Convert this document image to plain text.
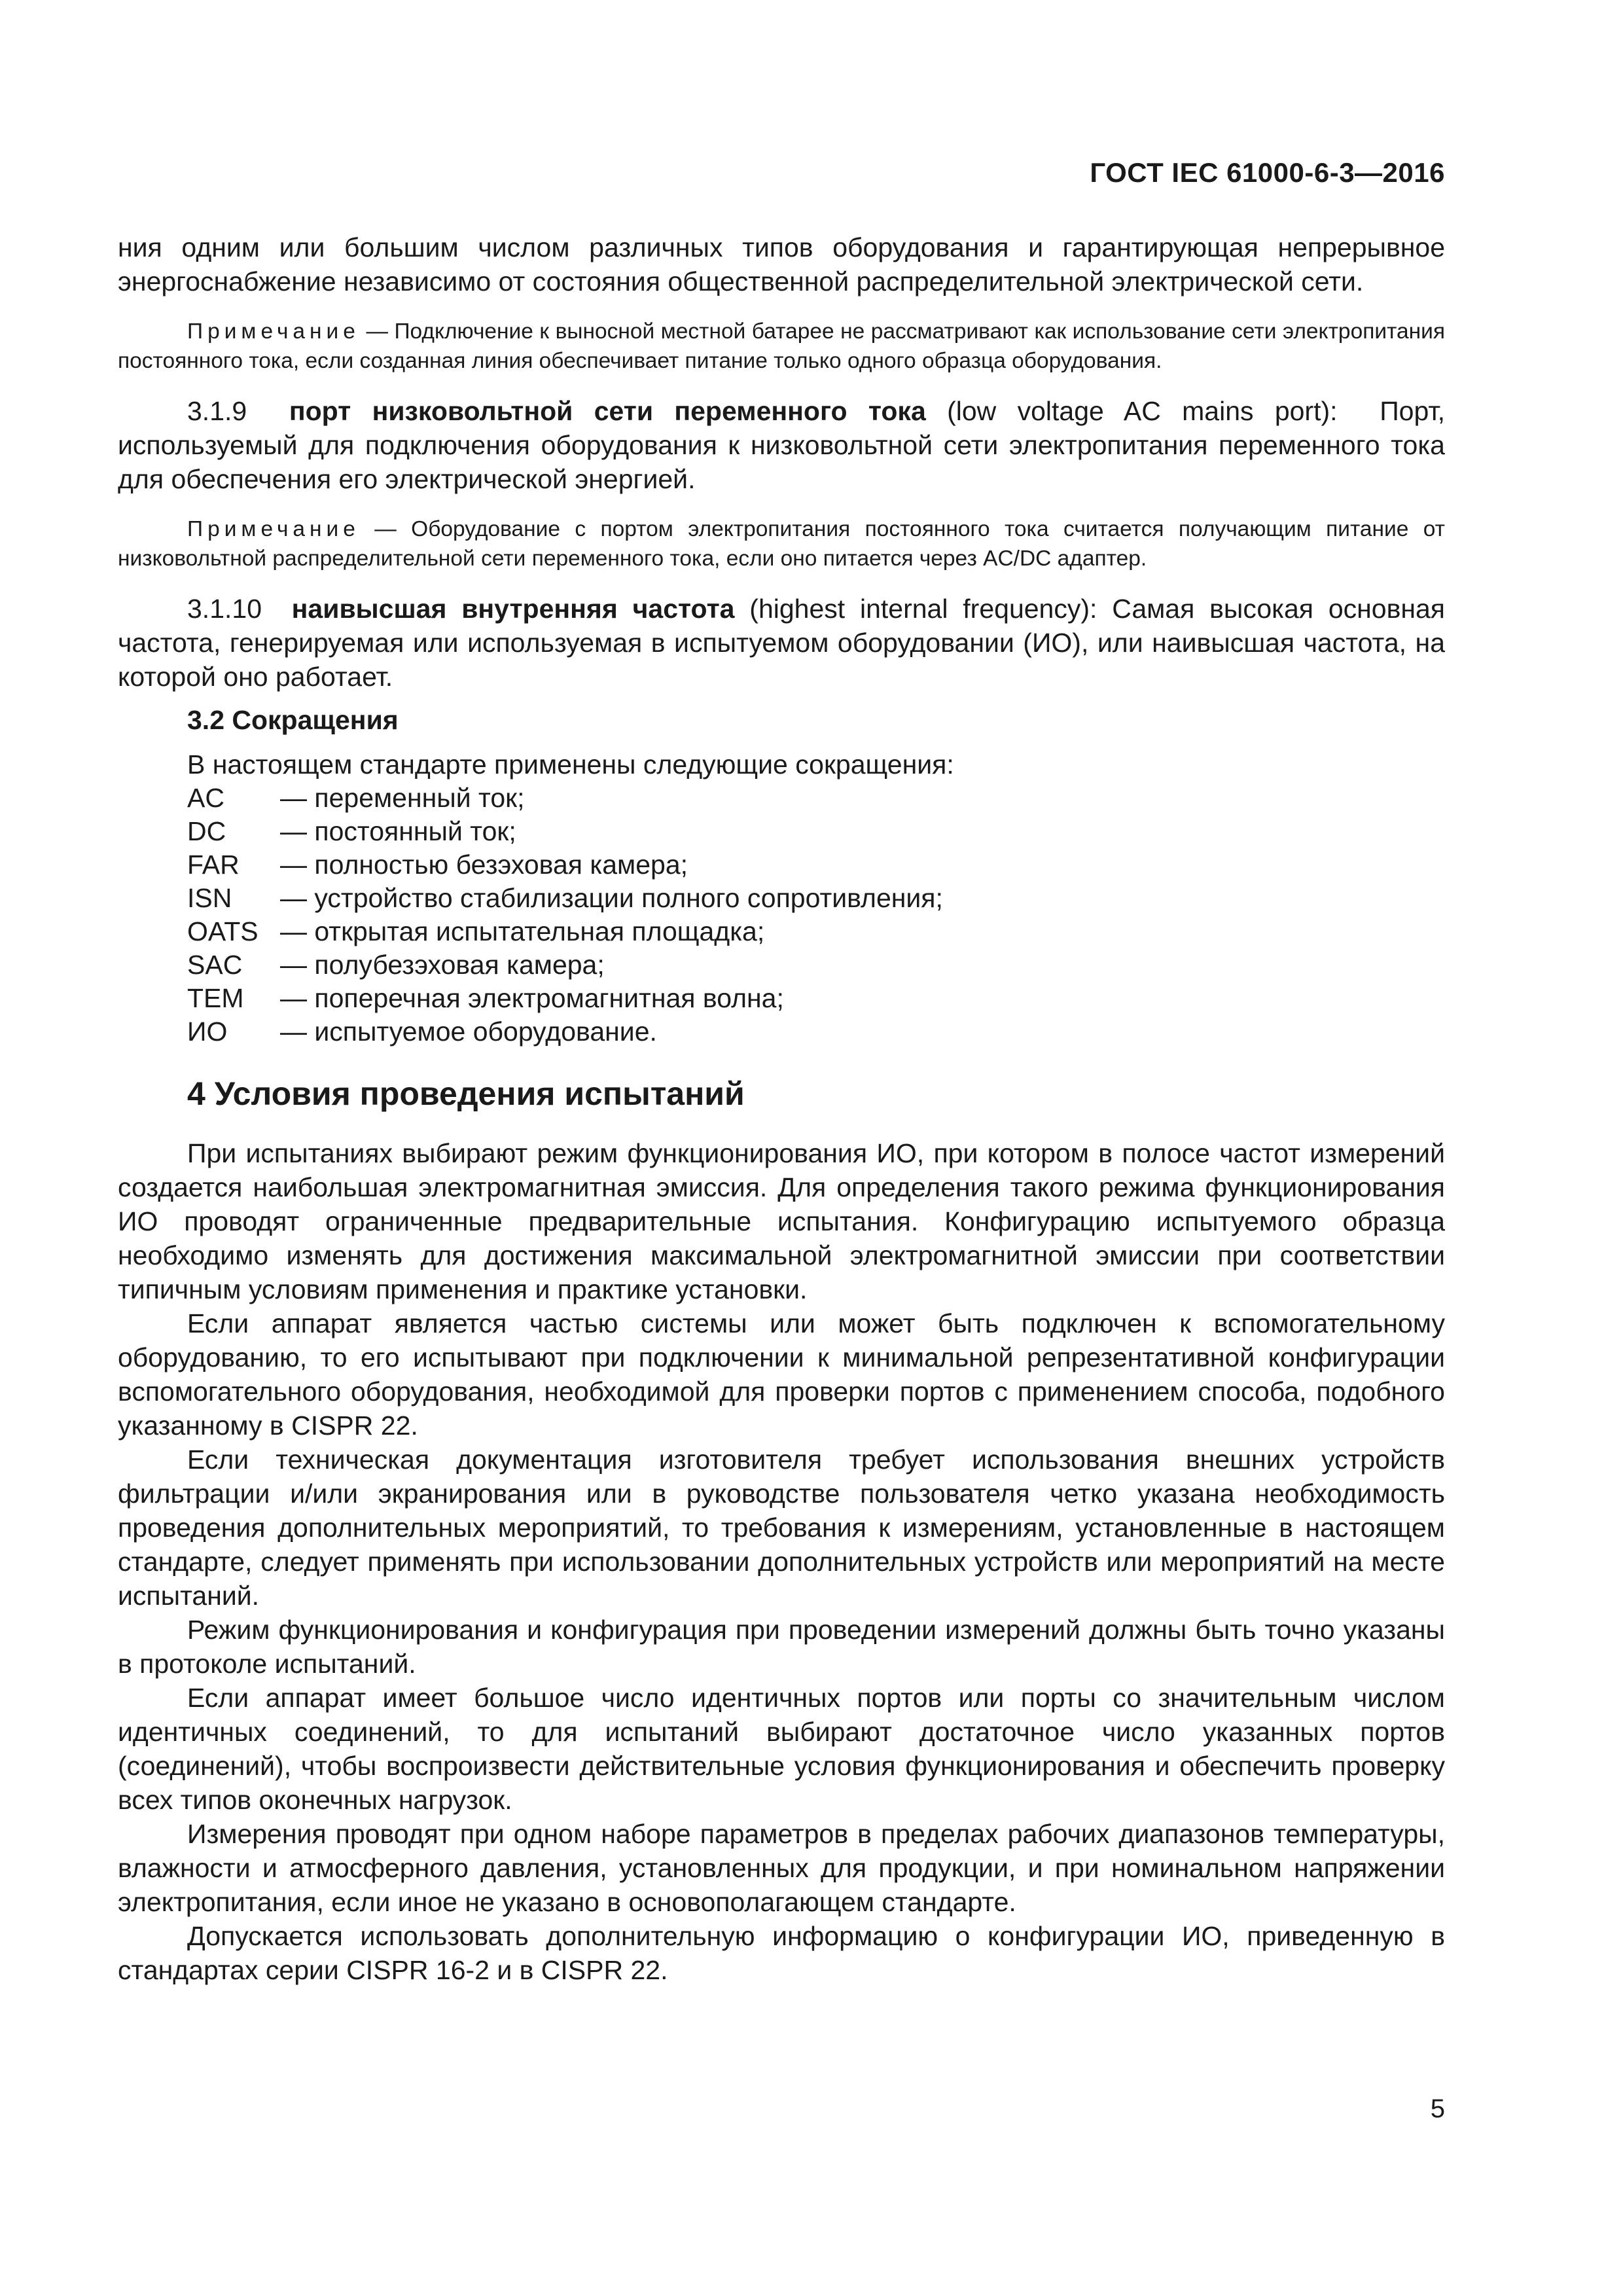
ГОСТ IEC 61000-6-3—2016

ния одним или большим числом различных типов оборудования и гарантирующая непрерывное энергоснабжение независимо от состояния общественной распределительной электрической сети.

Примечание — Подключение к выносной местной батарее не рассматривают как использование сети электропитания постоянного тока, если созданная линия обеспечивает питание только одного образца оборудования.

3.1.9 порт низковольтной сети переменного тока (low voltage AC mains port): Порт, используемый для подключения оборудования к низковольтной сети электропитания переменного тока для обеспечения его электрической энергией.

Примечание — Оборудование с портом электропитания постоянного тока считается получающим питание от низковольтной распределительной сети переменного тока, если оно питается через AC/DC адаптер.

3.1.10 наивысшая внутренняя частота (highest internal frequency): Самая высокая основная частота, генерируемая или используемая в испытуемом оборудовании (ИО), или наивысшая частота, на которой оно работает.

3.2 Сокращения

В настоящем стандарте применены следующие сокращения:

AC	— переменный ток;
DC	— постоянный ток;
FAR	— полностью безэховая камера;
ISN	— устройство стабилизации полного сопротивления;
OATS — открытая испытательная площадка;
SAC	— полубезэховая камера;
TEM	— поперечная электромагнитная волна;
ИО	— испытуемое оборудование.
4 Условия проведения испытаний

При испытаниях выбирают режим функционирования ИО, при котором в полосе частот измерений создается наибольшая электромагнитная эмиссия. Для определения такого режима функционирования ИО проводят ограниченные предварительные испытания. Конфигурацию испытуемого образца необходимо изменять для достижения максимальной электромагнитной эмиссии при соответствии типичным условиям применения и практике установки.

Если аппарат является частью системы или может быть подключен к вспомогательному оборудованию, то его испытывают при подключении к минимальной репрезентативной конфигурации вспомогательного оборудования, необходимой для проверки портов с применением способа, подобного указанному в CISPR 22.

Если техническая документация изготовителя требует использования внешних устройств фильтрации и/или экранирования или в руководстве пользователя четко указана необходимость проведения дополнительных мероприятий, то требования к измерениям, установленные в настоящем стандарте, следует применять при использовании дополнительных устройств или мероприятий на месте испытаний.

Режим функционирования и конфигурация при проведении измерений должны быть точно указаны в протоколе испытаний.

Если аппарат имеет большое число идентичных портов или порты со значительным числом идентичных соединений, то для испытаний выбирают достаточное число указанных портов (соединений), чтобы воспроизвести действительные условия функционирования и обеспечить проверку всех типов оконечных нагрузок.

Измерения проводят при одном наборе параметров в пределах рабочих диапазонов температуры, влажности и атмосферного давления, установленных для продукции, и при номинальном напряжении электропитания, если иное не указано в основополагающем стандарте.

Допускается использовать дополнительную информацию о конфигурации ИО, приведенную в стандартах серии CISPR 16-2 и в CISPR 22.

5
